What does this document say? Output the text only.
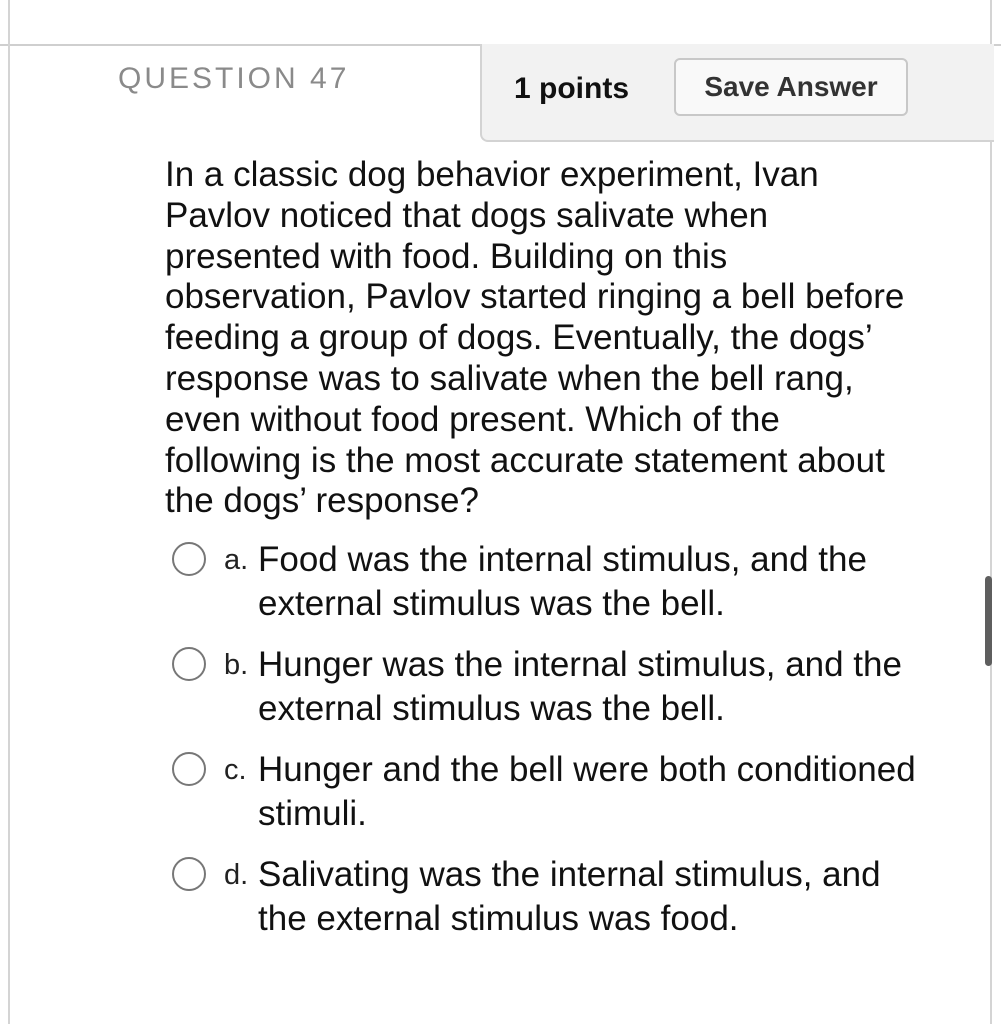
QUESTION 47	1 points	Save Answer
In a classic dog behavior experiment, Ivan Pavlov noticed that dogs salivate when presented with food. Building on this observation, Pavlov started ringing a bell before feeding a group of dogs. Eventually, the dogs’ response was to salivate when the bell rang, even without food present. Which of the following is the most accurate statement about the dogs’ response?
a. Food was the internal stimulus, and the external stimulus was the bell.
b. Hunger was the internal stimulus, and the external stimulus was the bell.
c. Hunger and the bell were both conditioned stimuli.
d. Salivating was the internal stimulus, and the external stimulus was food.
